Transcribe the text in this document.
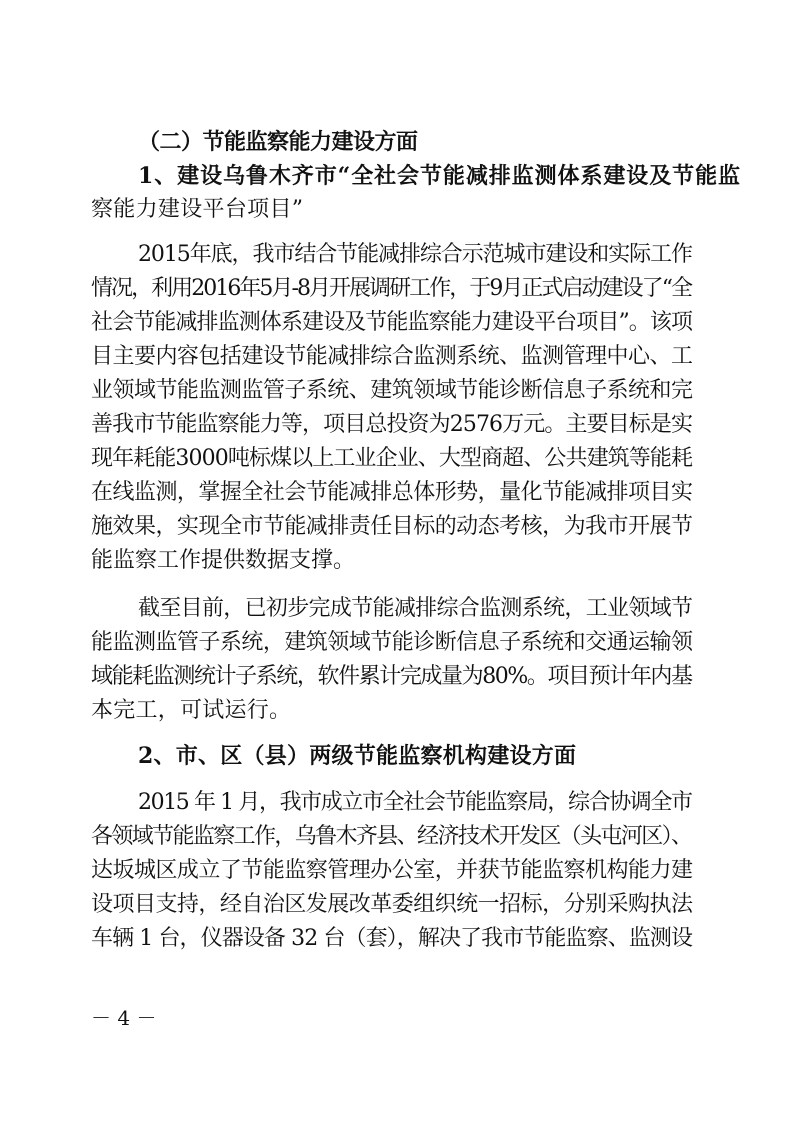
（二）节能监察能力建设方面
1、建设乌鲁木齐市“全社会节能减排监测体系建设及节能监
察能力建设平台项目”
2015年底，我市结合节能减排综合示范城市建设和实际工作
情况，利用2016年5月-8月开展调研工作，于9月正式启动建设了“全
社会节能减排监测体系建设及节能监察能力建设平台项目”。该项
目主要内容包括建设节能减排综合监测系统、监测管理中心、工
业领域节能监测监管子系统、建筑领域节能诊断信息子系统和完
善我市节能监察能力等，项目总投资为2576万元。主要目标是实
现年耗能3000吨标煤以上工业企业、大型商超、公共建筑等能耗
在线监测，掌握全社会节能减排总体形势，量化节能减排项目实
施效果，实现全市节能减排责任目标的动态考核，为我市开展节
能监察工作提供数据支撑。
截至目前，已初步完成节能减排综合监测系统，工业领域节
能监测监管子系统，建筑领域节能诊断信息子系统和交通运输领
域能耗监测统计子系统，软件累计完成量为80%。项目预计年内基
本完工，可试运行。
2、市、区（县）两级节能监察机构建设方面
2015 年 1 月，我市成立市全社会节能监察局，综合协调全市
各领域节能监察工作，乌鲁木齐县、经济技术开发区（头屯河区）、
达坂城区成立了节能监察管理办公室，并获节能监察机构能力建
设项目支持，经自治区发展改革委组织统一招标，分别采购执法
车辆 1 台，仪器设备 32 台（套），解决了我市节能监察、监测设
－ 4 －
